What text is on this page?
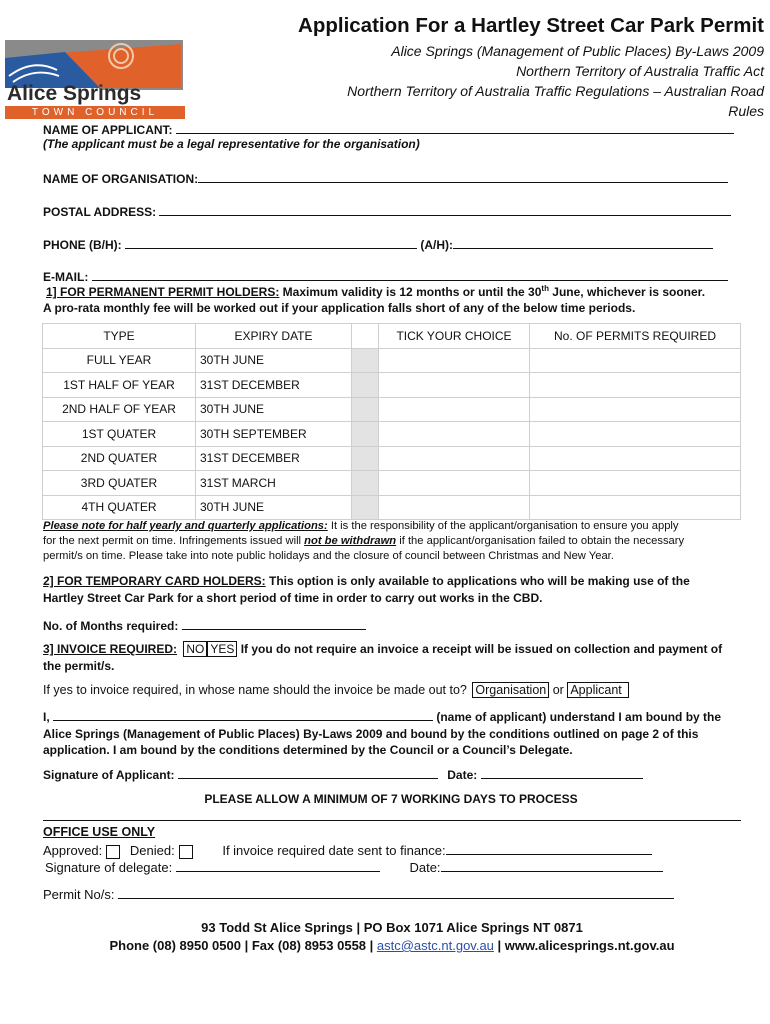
Alice Springs
TOWN COUNCIL
Application For a Hartley Street Car Park Permit
Alice Springs (Management of Public Places) By-Laws 2009
Northern Territory of Australia Traffic Act
Northern Territory of Australia Traffic Regulations – Australian Road
Rules
NAME OF APPLICANT:
(The applicant must be a legal representative for the organisation)
NAME OF ORGANISATION:
POSTAL ADDRESS:
PHONE (B/H):	(A/H):
E-MAIL:
1] FOR PERMANENT PERMIT HOLDERS: Maximum validity is 12 months or until the 30th June, whichever is sooner.
A pro-rata monthly fee will be worked out if your application falls short of any of the below time periods.
TYPE	EXPIRY DATE		TICK YOUR CHOICE	No. OF PERMITS REQUIRED
FULL YEAR	30TH JUNE			
1ST HALF OF YEAR	31ST DECEMBER			
2ND HALF OF YEAR	30TH JUNE			
1ST QUATER	30TH SEPTEMBER			
2ND QUATER	31ST DECEMBER			
3RD QUATER	31ST MARCH			
4TH QUATER	30TH JUNE			
Please note for half yearly and quarterly applications: It is the responsibility of the applicant/organisation to ensure you apply
for the next permit on time. Infringements issued will not be withdrawn if the applicant/organisation failed to obtain the necessary
permit/s on time. Please take into note public holidays and the closure of council between Christmas and New Year.
2] FOR TEMPORARY CARD HOLDERS: This option is only available to applications who will be making use of the
Hartley Street Car Park for a short period of time in order to carry out works in the CBD.
No. of Months required:
3] INVOICE REQUIRED: NO YES If you do not require an invoice a receipt will be issued on collection and payment of
the permit/s.
If yes to invoice required, in whose name should the invoice be made out to? Organisation or Applicant
I,	(name of applicant) understand I am bound by the
Alice Springs (Management of Public Places) By-Laws 2009 and bound by the conditions outlined on page 2 of this
application. I am bound by the conditions determined by the Council or a Council’s Delegate.
Signature of Applicant:	Date:
PLEASE ALLOW A MINIMUM OF 7 WORKING DAYS TO PROCESS
OFFICE USE ONLY
Approved: Denied:	If invoice required date sent to finance:
Signature of delegate:	Date:
Permit No/s:
93 Todd St Alice Springs | PO Box 1071 Alice Springs NT 0871
Phone (08) 8950 0500 | Fax (08) 8953 0558 | astc@astc.nt.gov.au | www.alicesprings.nt.gov.au
